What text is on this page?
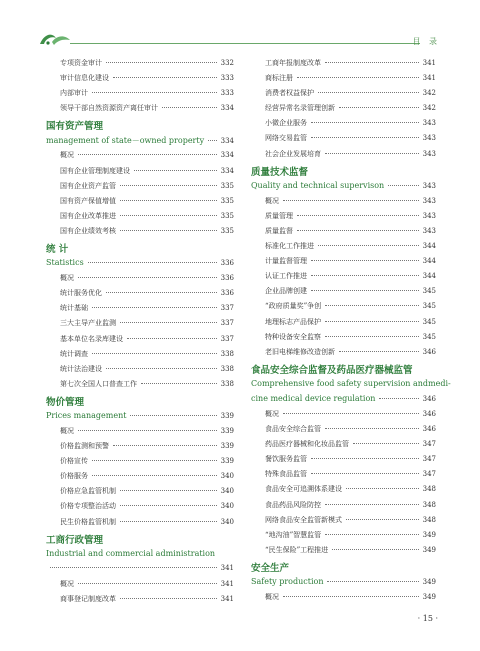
目 录
专项资金审计	332
审计信息化建设	333
内部审计	333
领导干部自然资源资产离任审计	334
国有资产管理
management of state－owned property 334
概况	334
国有企业管理制度建设	334
国有企业资产监管	335
国有资产保值增值	335
国有企业改革推进	335
国有企业绩效考核	335
统 计
Statistics	336
概况	336
统计服务优化	336
统计基础	337
三大主导产业监测	337
基本单位名录库建设	337
统计调查	338
统计法治建设	338
第七次全国人口普查工作	338
物价管理
Prices management	339
概况	339
价格监测和预警	339
价格宣传	339
价格服务	340
价格应急监管机制	340
价格专项整治活动	340
民生价格监管机制	340
工商行政管理
Industrial and commercial administration
341
概况	341
商事登记制度改革	341
工商年报制度改革	341
商标注册	341
消费者权益保护	342
经营异常名录管理创新	342
小微企业服务	343
网络交易监管	343
社会企业发展培育	343
质量技术监督
Quality and technical supervison	343
概况	343
质量管理	343
质量监督	343
标准化工作推进	344
计量监督管理	344
认证工作推进	344
企业品牌创建	345
“政府质量奖”争创	345
地理标志产品保护	345
特种设备安全监察	345
老旧电梯维修改造创新	346
食品安全综合监督及药品医疗器械监管
Comprehensive food safety supervision andmedi-
cine medical device regulation	346
概况	346
食品安全综合监管	346
药品医疗器械和化妆品监管	347
餐饮服务监管	347
特殊食品监管	347
食品安全可追溯体系建设	348
食品药品风险防控	348
网络食品安全监管新模式	348
“地沟油”智慧监管	349
“民生保险”工程推进	349
安全生产
Safety production	349
概况	349
· 15 ·
